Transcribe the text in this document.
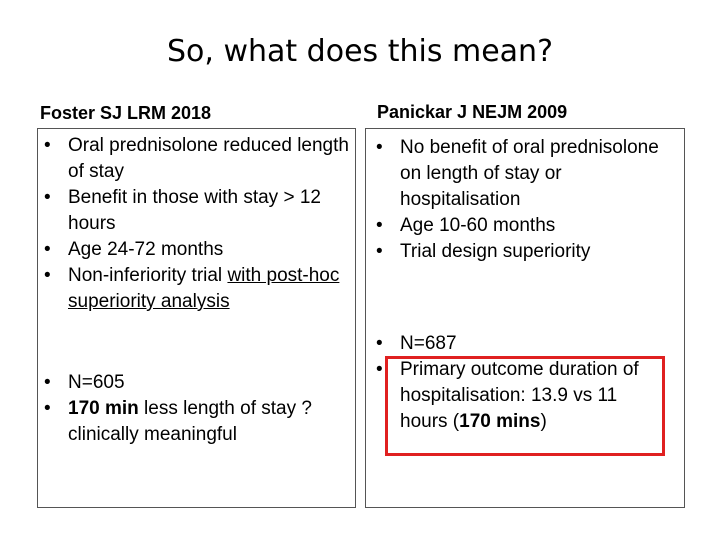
So, what does this mean?
Foster SJ LRM 2018	Panickar J NEJM 2009
• Oral prednisolone reduced length of stay
• Benefit in those with stay > 12 hours
• Age 24-72 months
• Non-inferiority trial with post-hoc superiority analysis
• N=605
• 170 min less length of stay ?clinically meaningful
• No benefit of oral prednisolone on length of stay or hospitalisation
• Age 10-60 months
• Trial design superiority
• N=687
• Primary outcome duration of hospitalisation: 13.9 vs 11 hours (170 mins)
